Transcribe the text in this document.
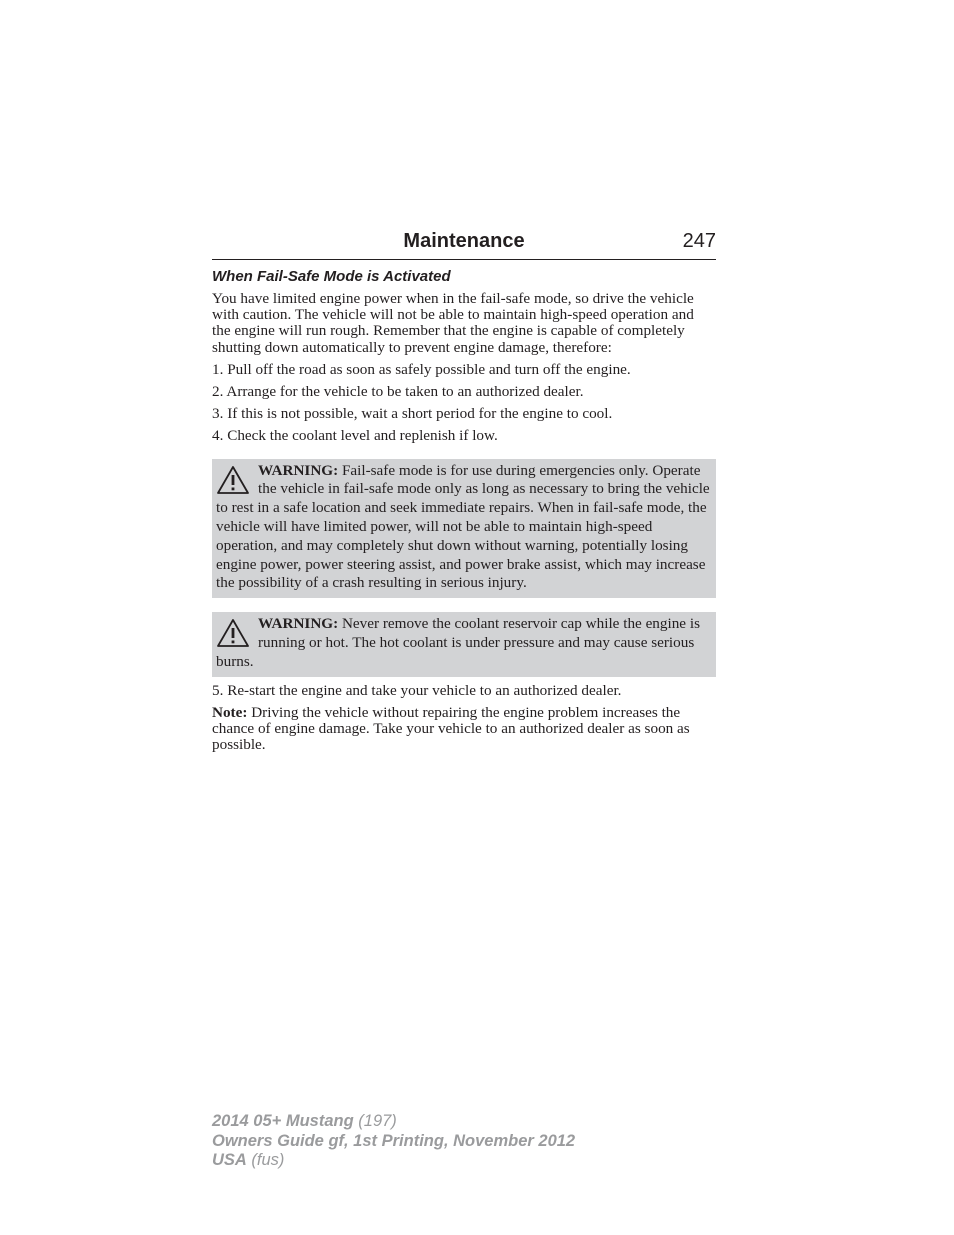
Maintenance	247
When Fail-Safe Mode is Activated

You have limited engine power when in the fail-safe mode, so drive the vehicle with caution. The vehicle will not be able to maintain high-speed operation and the engine will run rough. Remember that the engine is capable of completely shutting down automatically to prevent engine damage, therefore:

1. Pull off the road as soon as safely possible and turn off the engine.

2. Arrange for the vehicle to be taken to an authorized dealer.

3. If this is not possible, wait a short period for the engine to cool.

4. Check the coolant level and replenish if low.

WARNING: Fail-safe mode is for use during emergencies only. Operate the vehicle in fail-safe mode only as long as necessary to bring the vehicle to rest in a safe location and seek immediate repairs. When in fail-safe mode, the vehicle will have limited power, will not be able to maintain high-speed operation, and may completely shut down without warning, potentially losing engine power, power steering assist, and power brake assist, which may increase the possibility of a crash resulting in serious injury.
WARNING: Never remove the coolant reservoir cap while the engine is running or hot. The hot coolant is under pressure and may cause serious burns.

5. Re-start the engine and take your vehicle to an authorized dealer.

Note: Driving the vehicle without repairing the engine problem increases the chance of engine damage. Take your vehicle to an authorized dealer as soon as possible.

2014 05+ Mustang (197)
Owners Guide gf, 1st Printing, November 2012
USA (fus)
